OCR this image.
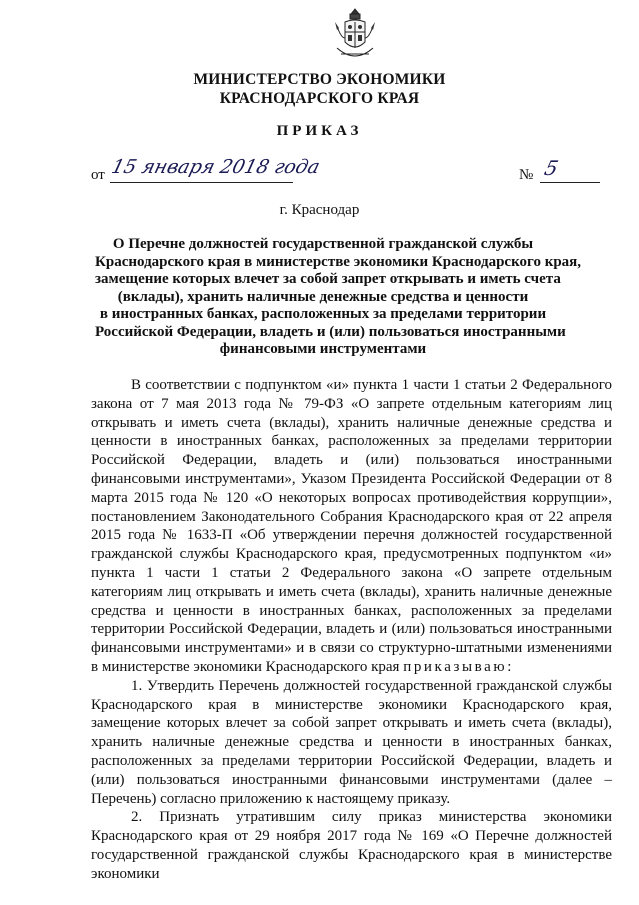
МИНИСТЕРСТВО ЭКОНОМИКИ
КРАСНОДАРСКОГО КРАЯ
ПРИКАЗ
от 15 января 2018 года	№ 5
г. Краснодар
О Перечне должностей государственной гражданской службы
Краснодарского края в министерстве экономики Краснодарского края,
замещение которых влечет за собой запрет открывать и иметь счета
(вклады), хранить наличные денежные средства и ценности
в иностранных банках, расположенных за пределами территории
Российской Федерации, владеть и (или) пользоваться иностранными
финансовыми инструментами

В соответствии с подпунктом «и» пункта 1 части 1 статьи 2 Федерального закона от 7 мая 2013 года № 79-ФЗ «О запрете отдельным категориям лиц открывать и иметь счета (вклады), хранить наличные денежные средства и ценности в иностранных банках, расположенных за пределами территории Российской Федерации, владеть и (или) пользоваться иностранными финансовыми инструментами», Указом Президента Российской Федерации от 8 марта 2015 года № 120 «О некоторых вопросах противодействия коррупции», постановлением Законодательного Собрания Краснодарского края от 22 апреля 2015 года № 1633-П «Об утверждении перечня должностей государственной гражданской службы Краснодарского края, предусмотренных подпунктом «и» пункта 1 части 1 статьи 2 Федерального закона «О запрете отдельным категориям лиц открывать и иметь счета (вклады), хранить наличные денежные средства и ценности в иностранных банках, расположенных за пределами территории Российской Федерации, владеть и (или) пользоваться иностранными финансовыми инструментами» и в связи со структурно-штатными изменениями в министерстве экономики Краснодарского края приказываю:

1. Утвердить Перечень должностей государственной гражданской службы Краснодарского края в министерстве экономики Краснодарского края, замещение которых влечет за собой запрет открывать и иметь счета (вклады), хранить наличные денежные средства и ценности в иностранных банках, расположенных за пределами территории Российской Федерации, владеть и (или) пользоваться иностранными финансовыми инструментами (далее – Перечень) согласно приложению к настоящему приказу.

2. Признать утратившим силу приказ министерства экономики Краснодарского края от 29 ноября 2017 года № 169 «О Перечне должностей государственной гражданской службы Краснодарского края в министерстве экономики
